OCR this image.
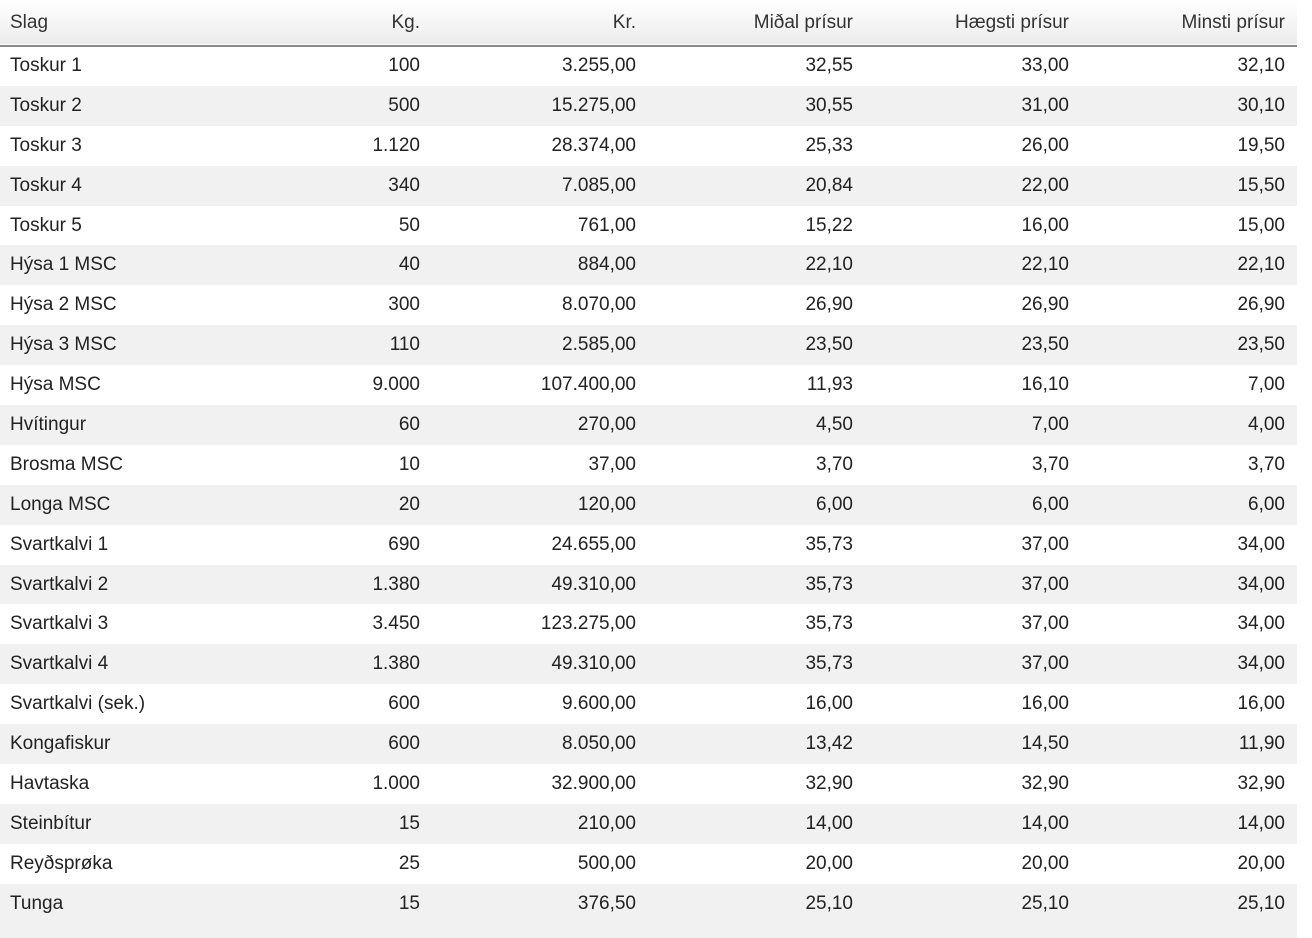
Slag	Kg.	Kr.	Miðal prísur	Hægsti prísur	Minsti prísur
Toskur 1	100	3.255,00	32,55	33,00	32,10
Toskur 2	500	15.275,00	30,55	31,00	30,10
Toskur 3	1.120	28.374,00	25,33	26,00	19,50
Toskur 4	340	7.085,00	20,84	22,00	15,50
Toskur 5	50	761,00	15,22	16,00	15,00
Hýsa 1 MSC	40	884,00	22,10	22,10	22,10
Hýsa 2 MSC	300	8.070,00	26,90	26,90	26,90
Hýsa 3 MSC	110	2.585,00	23,50	23,50	23,50
Hýsa MSC	9.000	107.400,00	11,93	16,10	7,00
Hvítingur	60	270,00	4,50	7,00	4,00
Brosma MSC	10	37,00	3,70	3,70	3,70
Longa MSC	20	120,00	6,00	6,00	6,00
Svartkalvi 1	690	24.655,00	35,73	37,00	34,00
Svartkalvi 2	1.380	49.310,00	35,73	37,00	34,00
Svartkalvi 3	3.450	123.275,00	35,73	37,00	34,00
Svartkalvi 4	1.380	49.310,00	35,73	37,00	34,00
Svartkalvi (sek.)	600	9.600,00	16,00	16,00	16,00
Kongafiskur	600	8.050,00	13,42	14,50	11,90
Havtaska	1.000	32.900,00	32,90	32,90	32,90
Steinbítur	15	210,00	14,00	14,00	14,00
Reyðsprøka	25	500,00	20,00	20,00	20,00
Tunga	15	376,50	25,10	25,10	25,10
